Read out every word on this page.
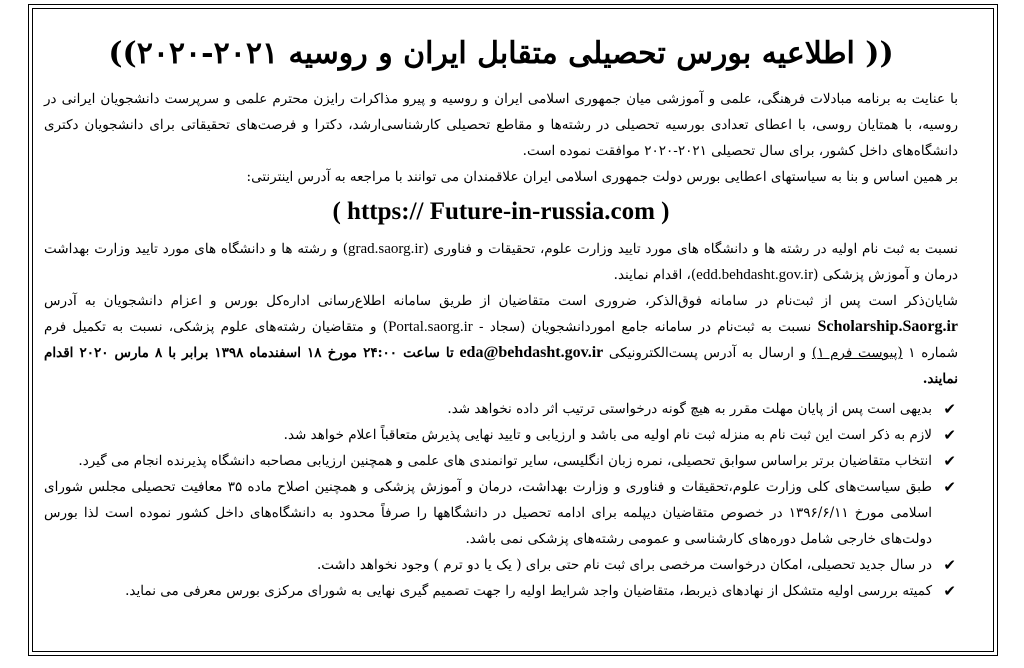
(( اطلاعیه بورس تحصیلی متقابل ایران و روسیه ۲۰۲۱-۲۰۲۰))

با عنایت به برنامه مبادلات فرهنگی، علمی و آموزشی میان جمهوری اسلامی ایران و روسیه و پیرو مذاکرات رایزن محترم علمی و سرپرست دانشجویان ایرانی در روسیه، با همتایان روسی، با اعطای تعدادی بورسیه تحصیلی در رشته‌ها و مقاطع تحصیلی کارشناسی‌ارشد، دکترا و فرصت‌های تحقیقاتی برای دانشجویان دکتری دانشگاه‌های داخل کشور، برای سال تحصیلی ۲۰۲۱-۲۰۲۰ موافقت نموده است.

بر همین اساس و بنا به سیاستهای اعطایی بورس دولت جمهوری اسلامی ایران علاقمندان می توانند با مراجعه به آدرس اینترنتی:

( https:// Future-in-russia.com )

نسبت به ثبت نام اولیه در رشته ها و دانشگاه های مورد تایید وزارت علوم، تحقیقات و فناوری (grad.saorg.ir) و رشته ها و دانشگاه های مورد تایید وزارت بهداشت درمان و آموزش پزشکی (edd.behdasht.gov.ir)، اقدام نمایند.

شایان‌ذکر است پس از ثبت‌نام در سامانه فوق‌الذکر، ضروری است متقاضیان از طریق سامانه اطلاع‌رسانی اداره‌کل بورس و اعزام دانشجویان به آدرس Scholarship.Saorg.ir نسبت به ثبت‌نام در سامانه جامع اموردانشجویان (سجاد - Portal.saorg.ir) و متقاضیان رشته‌های علوم پزشکی، نسبت به تکمیل فرم شماره ۱ (پیوست فرم ۱) و ارسال به آدرس پست‌الکترونیکی eda@behdasht.gov.ir تا ساعت ۲۴:۰۰ مورخ ۱۸ اسفندماه ۱۳۹۸ برابر با ۸ مارس ۲۰۲۰ اقدام نمایند.

✔
بدیهی است پس از پایان مهلت مقرر به هیچ گونه درخواستی ترتیب اثر داده نخواهد شد.
✔
لازم به ذکر است این ثبت نام به منزله ثبت نام اولیه می باشد و ارزیابی و تایید نهایی پذیرش متعاقباً اعلام خواهد شد.
✔
انتخاب متقاضیان برتر براساس سوابق تحصیلی، نمره زبان انگلیسی، سایر توانمندی های علمی و همچنین ارزیابی مصاحبه دانشگاه پذیرنده انجام می گیرد.
✔
طبق سیاست‌های کلی وزارت علوم،تحقیقات و فناوری و وزارت بهداشت، درمان و آموزش پزشکی و همچنین اصلاح ماده ۳۵ معافیت تحصیلی مجلس شورای اسلامی مورخ ۱۳۹۶/۶/۱۱ در خصوص متقاضیان دیپلمه برای ادامه تحصیل در دانشگاهها را صرفاً محدود به دانشگاه‌های داخل کشور نموده است لذا بورس دولت‌های خارجی شامل دوره‌های کارشناسی و عمومی رشته‌های پزشکی نمی باشد.
✔
در سال جدید تحصیلی، امکان درخواست مرخصی برای ثبت نام حتی برای ( یک یا دو ترم ) وجود نخواهد داشت.
✔
کمیته بررسی اولیه متشکل از نهادهای ذیربط، متقاضیان واجد شرایط اولیه را جهت تصمیم گیری نهایی به شورای مرکزی بورس معرفی می نماید.
